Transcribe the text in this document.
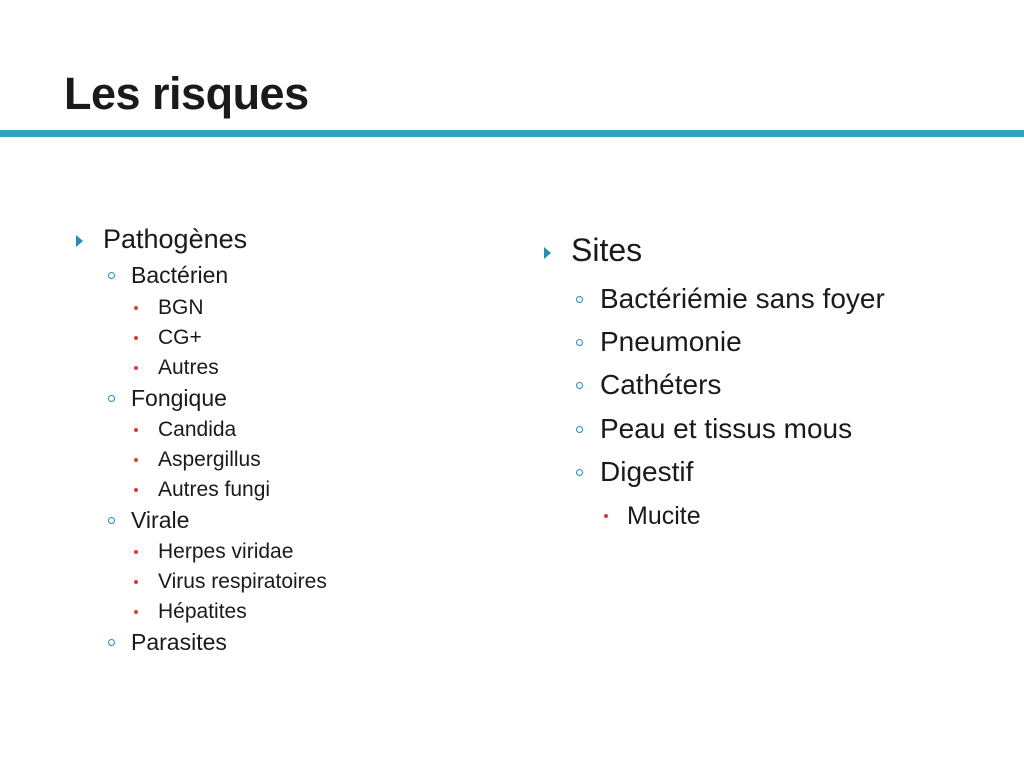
Les risques
Pathogènes
Bactérien
BGN
CG+
Autres
Fongique
Candida
Aspergillus
Autres fungi
Virale
Herpes viridae
Virus respiratoires
Hépatites
Parasites
Sites
Bactériémie sans foyer
Pneumonie
Cathéters
Peau et tissus mous
Digestif
Mucite
